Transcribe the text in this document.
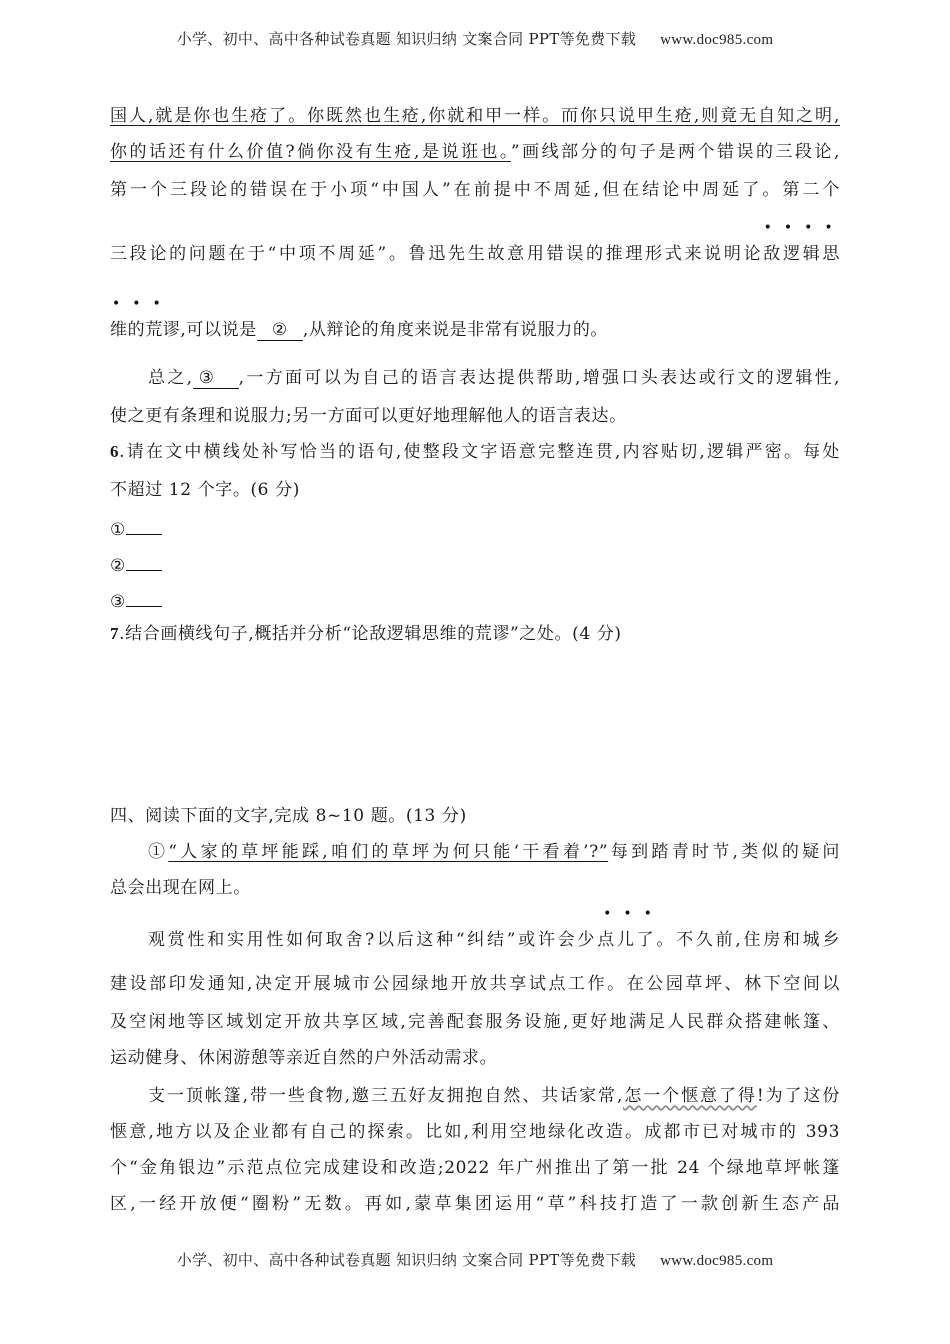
小学、初中、高中各种试卷真题 知识归纳 文案合同 PPT等免费下载 www.doc985.com
国人,就是你也生疮了。你既然也生疮,你就和甲一样。而你只说甲生疮,则竟无自知之明,
你的话还有什么价值?倘你没有生疮,是说诳也。”画线部分的句子是两个错误的三段论,
第一个三段论的错误在于小项“中国人”在前提中不周延,但在结论中周延了。第二个
三段论的问题在于“中项不周延”。鲁迅先生故意用错误的推理形式来说明
••••
论敌逻辑思
•••
维的荒谬,可以说是 ② ,从辩论的角度来说是非常有说服力的。
总之, ③ ,一方面可以为自己的语言表达提供帮助,增强口头表达或行文的逻辑性,
使之更有条理和说服力;另一方面可以更好地理解他人的语言表达。
6.请在文中横线处补写恰当的语句,使整段文字语意完整连贯,内容贴切,逻辑严密。每处
不超过 12 个字。(6 分)
①
②
③
7.结合画横线句子,概括并分析“论敌逻辑思维的荒谬”之处。(4 分)
四、阅读下面的文字,完成 8~10 题。(13 分)
①“人家的草坪能踩,咱们的草坪为何只能‘干看着’?”每到踏青时节,类似的疑问
总会出现在网上。
观赏性和实用性如何取舍?以后这种“纠结”或许会少
•••
点儿了。不久前,住房和城乡
建设部印发通知,决定开展城市公园绿地开放共享试点工作。在公园草坪、林下空间以
及空闲地等区域划定开放共享区域,完善配套服务设施,更好地满足人民群众搭建帐篷、
运动健身、休闲游憩等亲近自然的户外活动需求。
支一顶帐篷,带一些食物,邀三五好友拥抱自然、共话家常,怎一个惬意了得!为了这份
惬意,地方以及企业都有自己的探索。比如,利用空地绿化改造。成都市已对城市的 393
个“金角银边”示范点位完成建设和改造;2022 年广州推出了第一批 24 个绿地草坪帐篷
区,一经开放便“圈粉”无数。再如,蒙草集团运用“草”科技打造了一款创新生态产品
小学、初中、高中各种试卷真题 知识归纳 文案合同 PPT等免费下载 www.doc985.com
